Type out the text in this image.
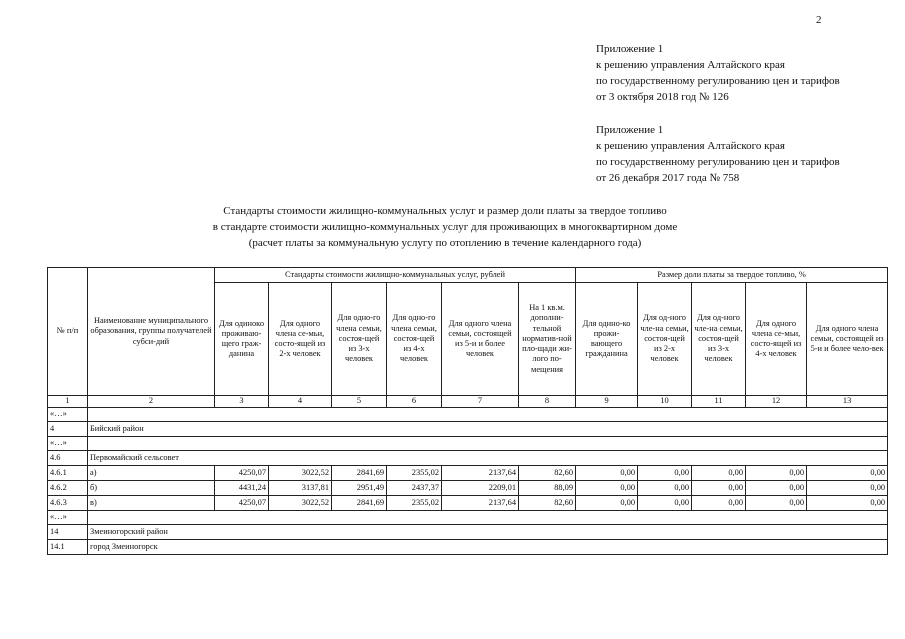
2
Приложение 1
к решению управления Алтайского края
по государственному регулированию цен и тарифов
от 3 октября 2018 год № 126
Приложение 1
к решению управления Алтайского края
по государственному регулированию цен и тарифов
от 26 декабря 2017 года № 758
Стандарты стоимости жилищно-коммунальных услуг и размер доли платы за твердое топливо
в стандарте стоимости жилищно-коммунальных услуг для проживающих в многоквартирном доме
(расчет платы за коммунальную услугу по отоплению в течение календарного года)
№ п/п	Наименование муниципального образования, группы получателей субси-дий	Стандарты стоимости жилищно-коммунальных услуг, рублей						Размер доли платы за твердое топливо, %				
		Для одиноко проживаю-щего граж-данина	Для одного члена се-мьи, состо-ящей из 2-х человек	Для одно-го члена семьи, состоя-щей из 3-х человек	Для одно-го члена семьи, состоя-щей из 4-х человек	Для одного члена семьи, состоящей из 5-и и более человек	На 1 кв.м. дополни-тельной норматив-ной пло-щади жи-лого по-мещения	Для одино-ко прожи-вающего гражданина	Для од-ного чле-на семьи, состоя-щей из 2-х человек	Для од-ного чле-на семьи, состоя-щей из 3-х человек	Для одного члена се-мьи, состо-ящей из 4-х человек	Для одного члена семьи, состоящей из 5-и и более чело-век
1	2	3	4	5	6	7	8	9	10	11	12	13
«…»												
4	Бийский район											
«…»												
4.6	Первомайский сельсовет											
4.6.1	а)	4250,07	3022,52	2841,69	2355,02	2137,64	82,60	0,00	0,00	0,00	0,00	0,00
4.6.2	б)	4431,24	3137,81	2951,49	2437,37	2209,01	88,09	0,00	0,00	0,00	0,00	0,00
4.6.3	в)	4250,07	3022,52	2841,69	2355,02	2137,64	82,60	0,00	0,00	0,00	0,00	0,00
«…»												
14	Змеиногорский район											
14.1	город Змеиногорск											
